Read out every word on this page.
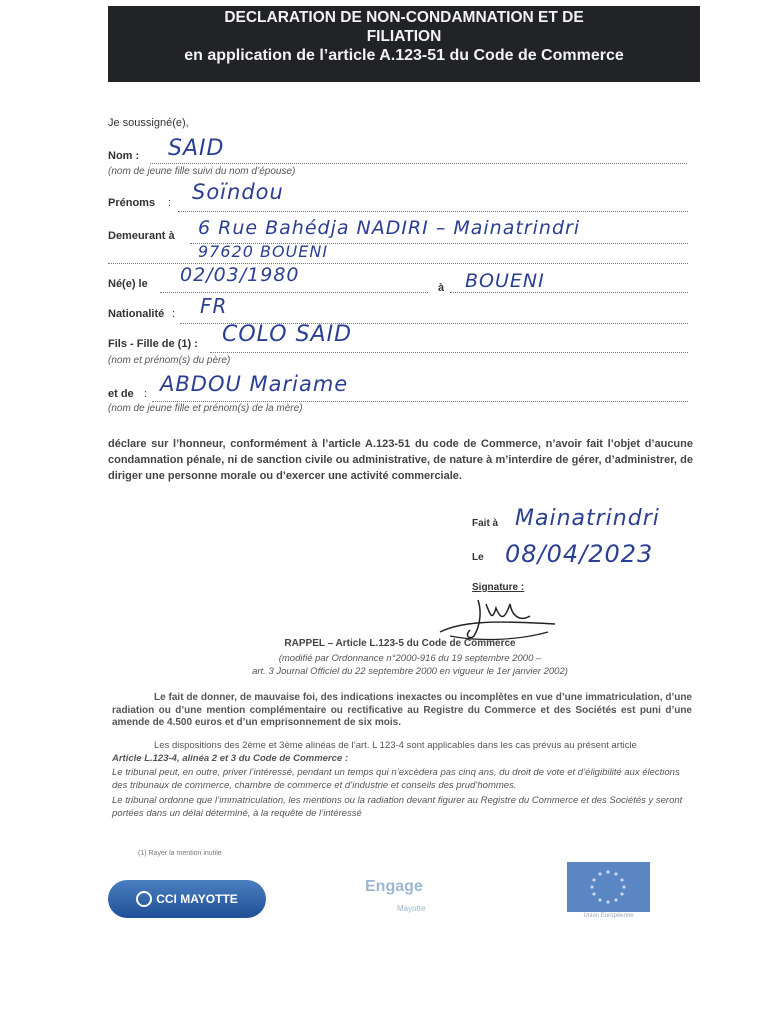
DECLARATION DE NON-CONDAMNATION ET DE
FILIATION
en application de l’article A.123-51 du Code de Commerce
Je soussigné(e),
Nom : SAID
(nom de jeune fille suivi du nom d’épouse)
Prénoms : Soïndou
Demeurant à 6 Rue Bahédja NADIRI – Mainatrindri
97620 BOUENI
Né(e) le 02/03/1980
à BOUENI
Nationalité : FR
Fils - Fille de (1) : COLO SAID
(nom et prénom(s) du père)
et de : ABDOU Mariame
(nom de jeune fille et prénom(s) de la mère)
déclare sur l’honneur, conformément à l’article A.123-51 du code de Commerce, n’avoir fait l’objet d’aucune condamnation pénale, ni de sanction civile ou administrative, de nature à m’interdire de gérer, d’administrer, de diriger une personne morale ou d’exercer une activité commerciale.
Fait à Mainatrindri
Le 08/04/2023
Signature :
RAPPEL – Article L.123-5 du Code de Commerce
(modifié par Ordonnance n°2000-916 du 19 septembre 2000 –
art. 3 Journal Officiel du 22 septembre 2000 en vigueur le 1er janvier 2002)
Le fait de donner, de mauvaise foi, des indications inexactes ou incomplètes en vue d’une immatriculation, d’une radiation ou d’une mention complémentaire ou rectificative au Registre du Commerce et des Sociétés est puni d’une amende de 4.500 euros et d’un emprisonnement de six mois.
Les dispositions des 2ème et 3ème alinéas de l’art. L 123-4 sont applicables dans les cas prévus au présent article
Article L.123-4, alinéa 2 et 3 du Code de Commerce :
Le tribunal peut, en outre, priver l’intéressé, pendant un temps qui n’excèdera pas cinq ans, du droit de vote et d’éligibilité aux élections des tribunaux de commerce, chambre de commerce et d’industrie et conseils des prud’hommes.
Le tribunal ordonne que l’immatriculation, les mentions ou la radiation devant figurer au Registre du Commerce et des Sociétés y seront portées dans un délai déterminé, à la requête de l’intéressé
(1) Rayer la mention inutile
CCI MAYOTTE
Engage
Mayotte
Union Européenne
